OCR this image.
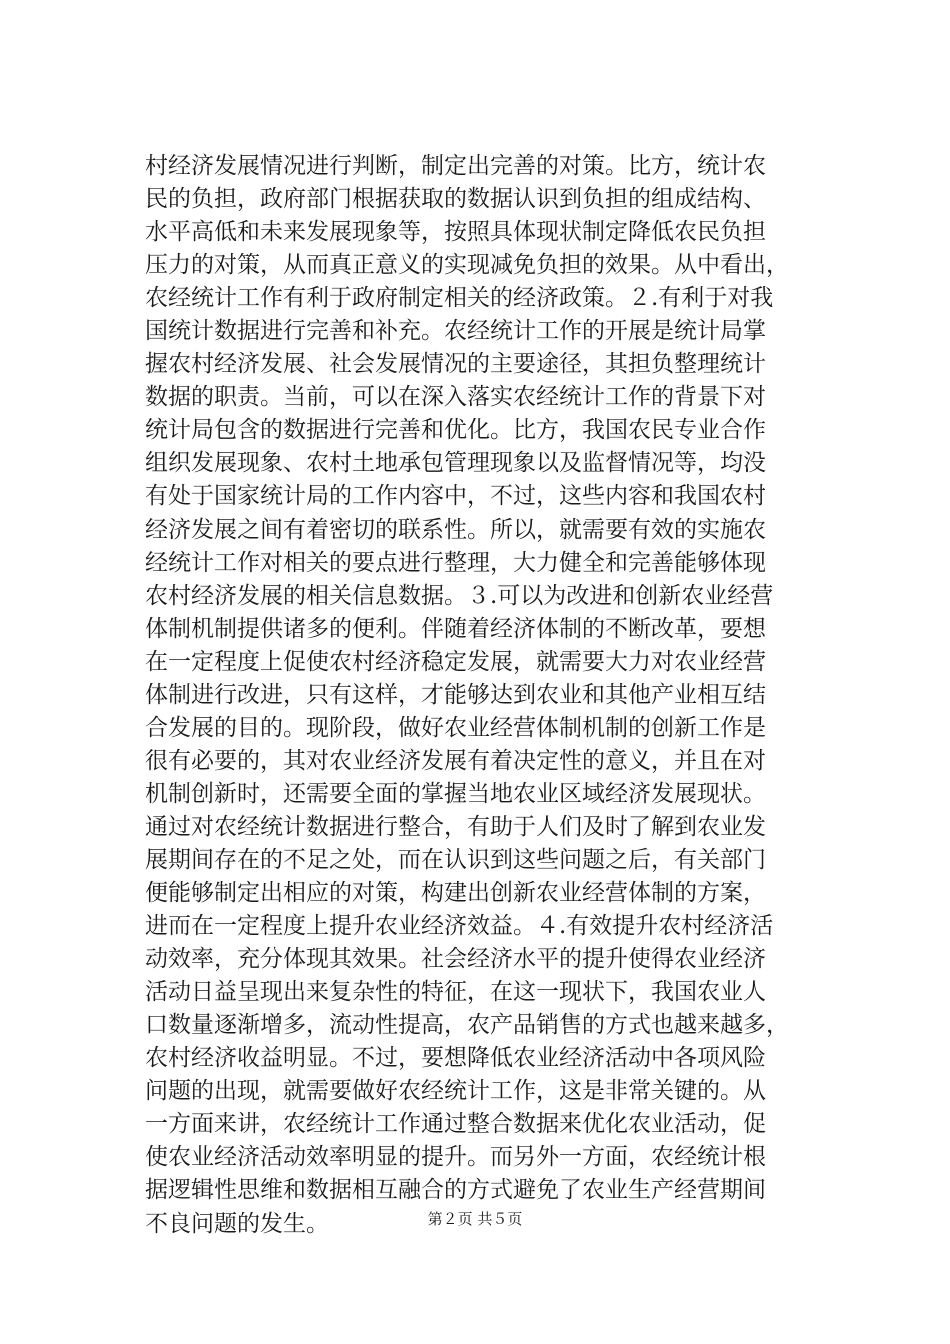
村经济发展情况进行判断，制定出完善的对策。比方，统计农
民的负担，政府部门根据获取的数据认识到负担的组成结构、
水平高低和未来发展现象等，按照具体现状制定降低农民负担
压力的对策，从而真正意义的实现减免负担的效果。从中看出，
农经统计工作有利于政府制定相关的经济政策。２.有利于对我
国统计数据进行完善和补充。农经统计工作的开展是统计局掌
握农村经济发展、社会发展情况的主要途径，其担负整理统计
数据的职责。当前，可以在深入落实农经统计工作的背景下对
统计局包含的数据进行完善和优化。比方，我国农民专业合作
组织发展现象、农村土地承包管理现象以及监督情况等，均没
有处于国家统计局的工作内容中，不过，这些内容和我国农村
经济发展之间有着密切的联系性。所以，就需要有效的实施农
经统计工作对相关的要点进行整理，大力健全和完善能够体现
农村经济发展的相关信息数据。３.可以为改进和创新农业经营
体制机制提供诸多的便利。伴随着经济体制的不断改革，要想
在一定程度上促使农村经济稳定发展，就需要大力对农业经营
体制进行改进，只有这样，才能够达到农业和其他产业相互结
合发展的目的。现阶段，做好农业经营体制机制的创新工作是
很有必要的，其对农业经济发展有着决定性的意义，并且在对
机制创新时，还需要全面的掌握当地农业区域经济发展现状。
通过对农经统计数据进行整合，有助于人们及时了解到农业发
展期间存在的不足之处，而在认识到这些问题之后，有关部门
便能够制定出相应的对策，构建出创新农业经营体制的方案，
进而在一定程度上提升农业经济效益。４.有效提升农村经济活
动效率，充分体现其效果。社会经济水平的提升使得农业经济
活动日益呈现出来复杂性的特征，在这一现状下，我国农业人
口数量逐渐增多，流动性提高，农产品销售的方式也越来越多，
农村经济收益明显。不过，要想降低农业经济活动中各项风险
问题的出现，就需要做好农经统计工作，这是非常关键的。从
一方面来讲，农经统计工作通过整合数据来优化农业活动，促
使农业经济活动效率明显的提升。而另外一方面，农经统计根
据逻辑性思维和数据相互融合的方式避免了农业生产经营期间
不良问题的发生。	第２页 共５页
